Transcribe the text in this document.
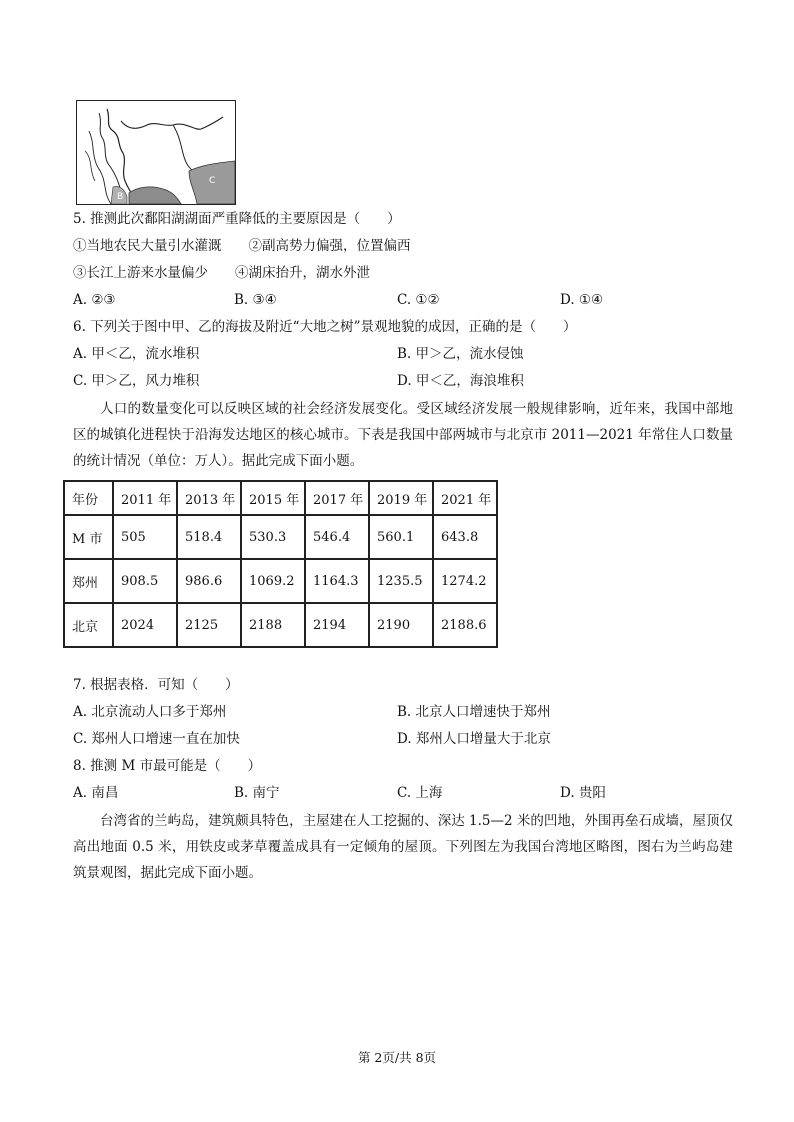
C
B
5. 推测此次鄱阳湖湖面严重降低的主要原因是（　　）
①当地农民大量引水灌溉　　②副高势力偏强，位置偏西
③长江上游来水量偏少　　④湖床抬升，湖水外泄
A. ②③	B. ③④	C. ①②	D. ①④
6. 下列关于图中甲、乙的海拔及附近“大地之树”景观地貌的成因，正确的是（　　）
A. 甲＜乙，流水堆积	B. 甲＞乙，流水侵蚀
C. 甲＞乙，风力堆积	D. 甲＜乙，海浪堆积
人口的数量变化可以反映区域的社会经济发展变化。受区域经济发展一般规律影响，近年来，我国中部地区的城镇化进程快于沿海发达地区的核心城市。下表是我国中部两城市与北京市 2011—2021 年常住人口数量的统计情况（单位：万人）。据此完成下面小题。
年份	2011 年	2013 年	2015 年	2017 年	2019 年	2021 年
M 市	505	518.4	530.3	546.4	560.1	643.8
郑州	908.5	986.6	1069.2	1164.3	1235.5	1274.2
北京	2024	2125	2188	2194	2190	2188.6
7. 根据表格．可知（　　）
A. 北京流动人口多于郑州	B. 北京人口增速快于郑州
C. 郑州人口增速一直在加快	D. 郑州人口增量大于北京
8. 推测 M 市最可能是（　　）
A. 南昌	B. 南宁	C. 上海	D. 贵阳
台湾省的兰屿岛，建筑颇具特色，主屋建在人工挖掘的、深达 1.5—2 米的凹地，外围再垒石成墙，屋顶仅高出地面 0.5 米，用铁皮或茅草覆盖成具有一定倾角的屋顶。下列图左为我国台湾地区略图，图右为兰屿岛建筑景观图，据此完成下面小题。
第 2页/共 8页
